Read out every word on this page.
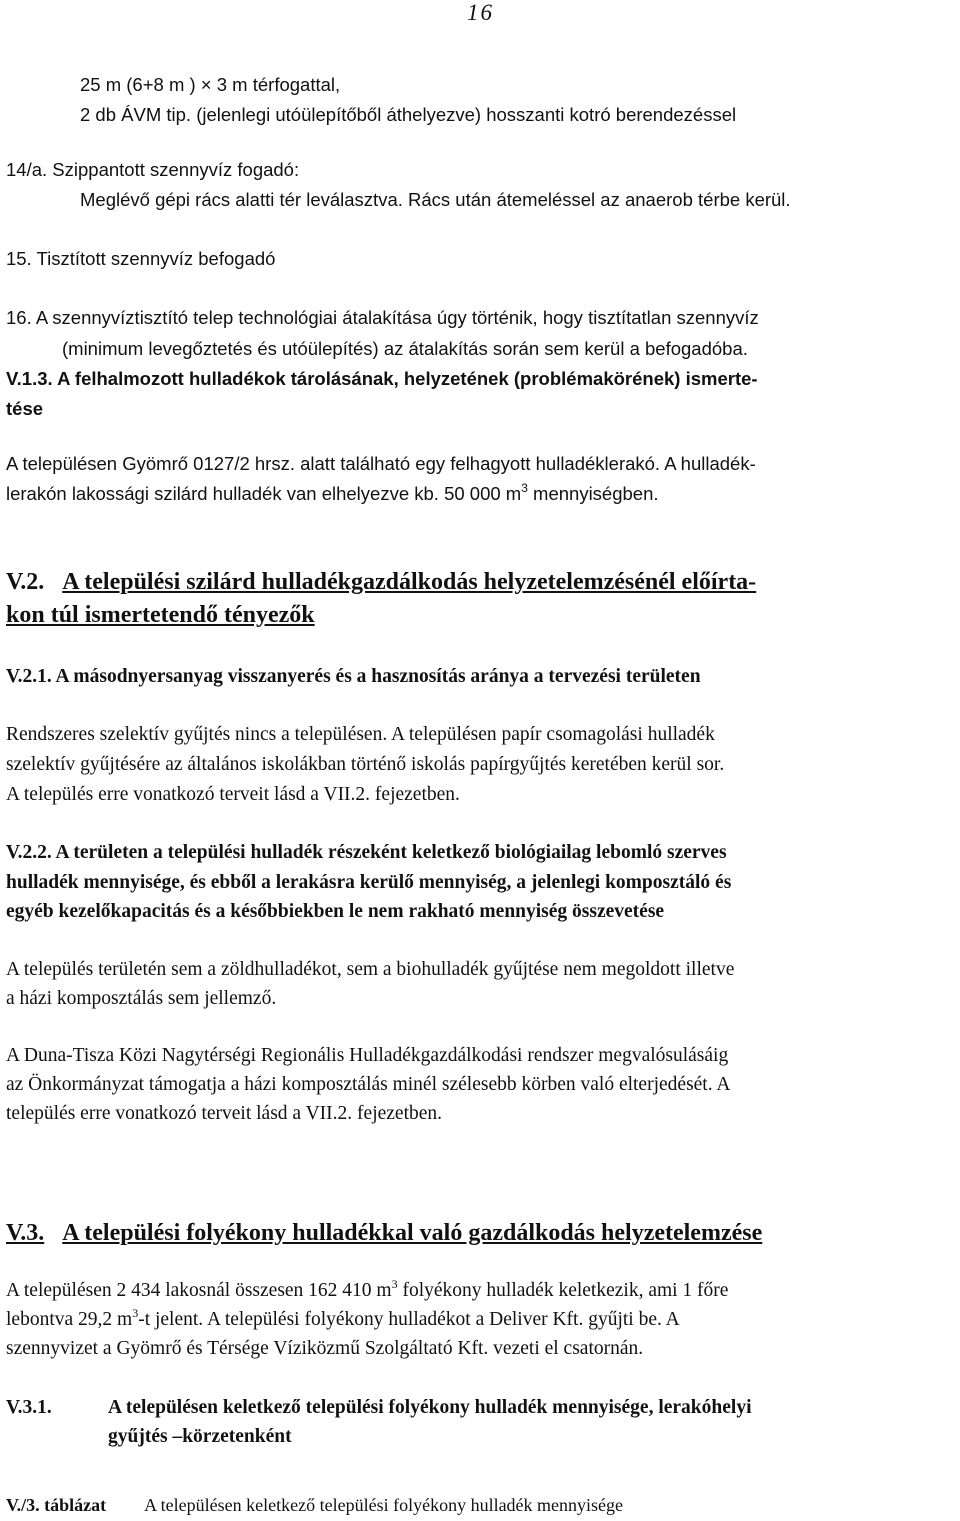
16
25 m (6+8 m ) × 3 m térfogattal,
2 db ÁVM tip. (jelenlegi utóülepítőből áthelyezve) hosszanti kotró berendezéssel
14/a. Szippantott szennyvíz fogadó:
Meglévő gépi rács alatti tér leválasztva. Rács után átemeléssel az anaerob térbe kerül.
15. Tisztított szennyvíz befogadó
16. A szennyvíztisztító telep technológiai átalakítása úgy történik, hogy tisztítatlan szennyvíz
(minimum levegőztetés és utóülepítés) az átalakítás során sem kerül a befogadóba.
V.1.3. A felhalmozott hulladékok tárolásának, helyzetének (problémakörének) ismerte-
tése
A településen Gyömrő 0127/2 hrsz. alatt található egy felhagyott hulladéklerakó. A hulladék-
lerakón lakossági szilárd hulladék van elhelyezve kb. 50 000 $m^3$ mennyiségben.
V.2. A települési szilárd hulladékgazdálkodás helyzetelemzésénél előírta-
kon túl ismertetendő tényezők
V.2.1. A másodnyersanyag visszanyerés és a hasznosítás aránya a tervezési területen
Rendszeres szelektív gyűjtés nincs a településen. A településen papír csomagolási hulladék
szelektív gyűjtésére az általános iskolákban történő iskolás papírgyűjtés keretében kerül sor.
A település erre vonatkozó terveit lásd a VII.2. fejezetben.
V.2.2. A területen a települési hulladék részeként keletkező biológiailag lebomló szerves
hulladék mennyisége, és ebből a lerakásra kerülő mennyiség, a jelenlegi komposztáló és
egyéb kezelőkapacitás és a későbbiekben le nem rakható mennyiség összevetése
A település területén sem a zöldhulladékot, sem a biohulladék gyűjtése nem megoldott illetve
a házi komposztálás sem jellemző.
A Duna-Tisza Közi Nagytérségi Regionális Hulladékgazdálkodási rendszer megvalósulásáig
az Önkormányzat támogatja a házi komposztálás minél szélesebb körben való elterjedését. A
település erre vonatkozó terveit lásd a VII.2. fejezetben.
V.3. A települési folyékony hulladékkal való gazdálkodás helyzetelemzése
A településen 2 434 lakosnál összesen 162 410 $m^3$ folyékony hulladék keletkezik, ami 1 főre
lebontva 29,2 $m^3-t$ jelent. A települési folyékony hulladékot a Deliver Kft. gyűjti be. A
szennyvizet a Gyömrő és Térsége Víziközmű Szolgáltató Kft. vezeti el csatornán.
V.3.1.	A településen keletkező települési folyékony hulladék mennyisége, lerakóhelyi
gyűjtés –körzetenként
V./3. táblázat A településen keletkező települési folyékony hulladék mennyisége
